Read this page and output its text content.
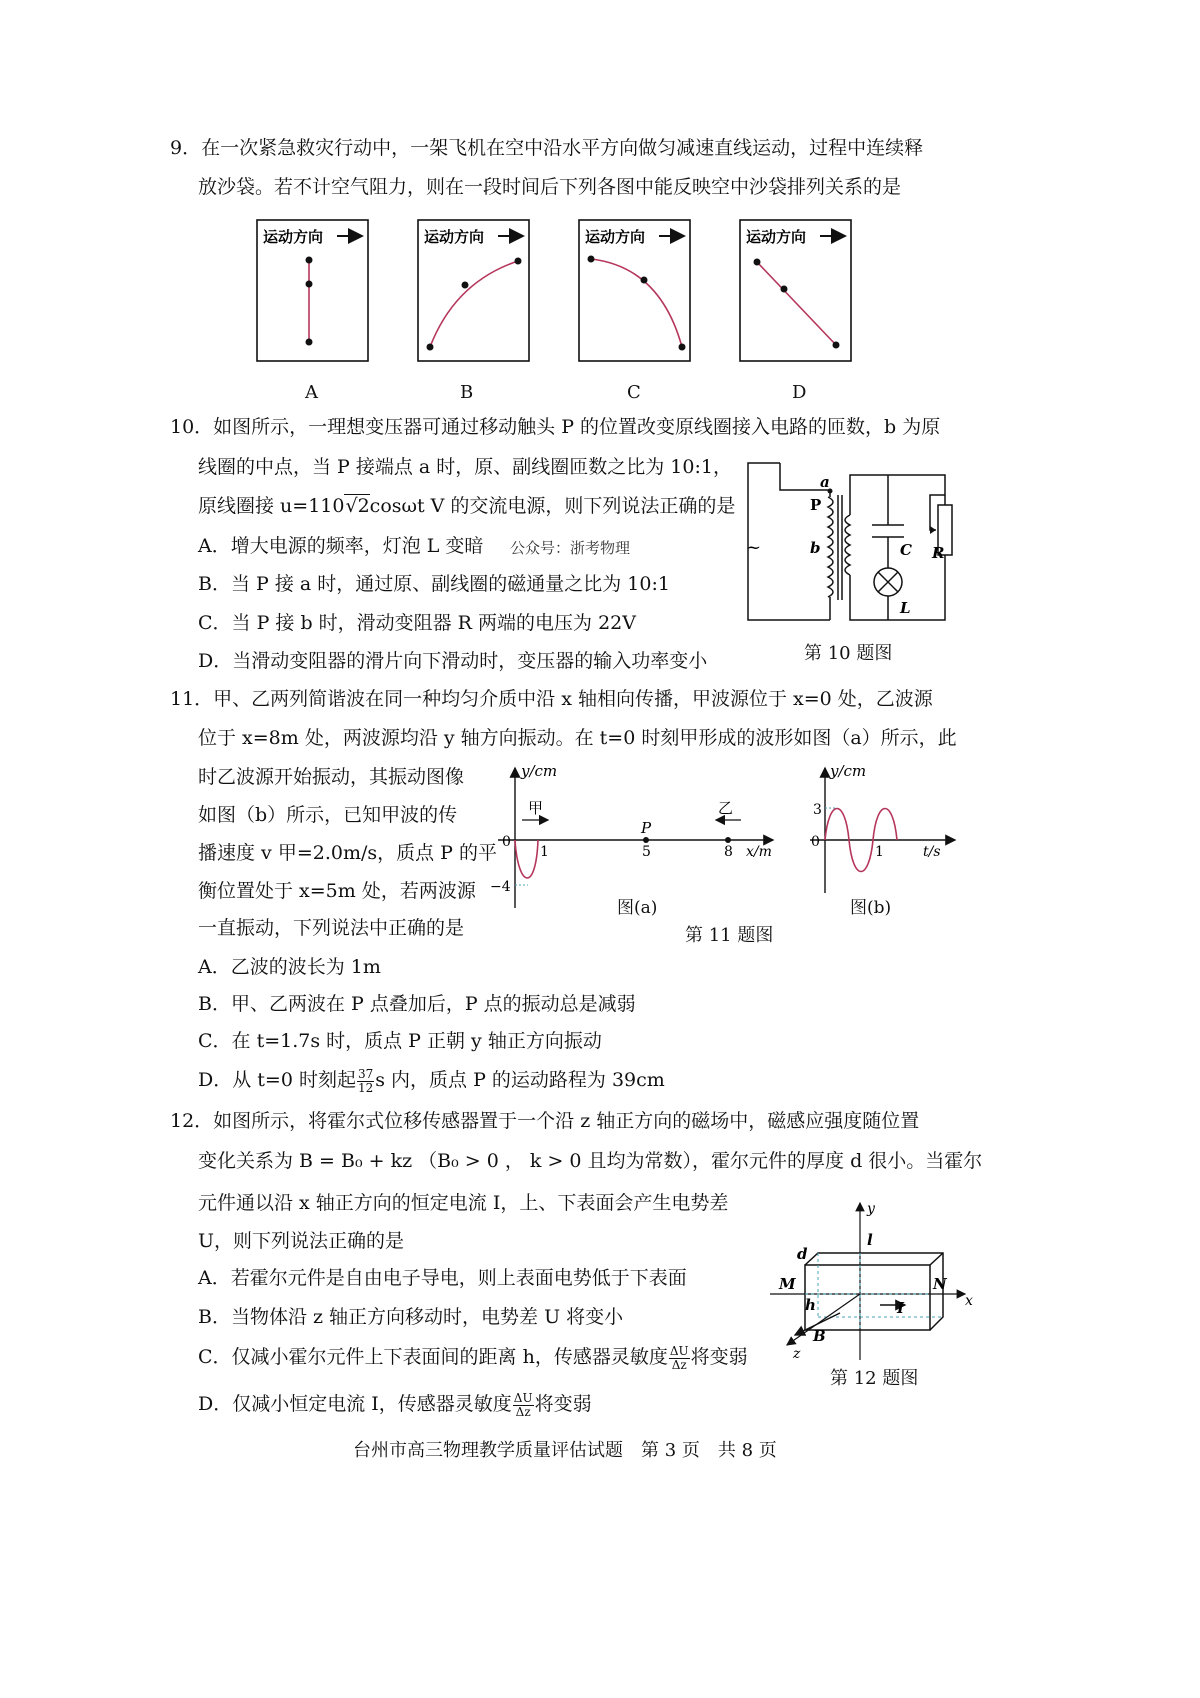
9．在一次紧急救灾行动中，一架飞机在空中沿水平方向做匀减速直线运动，过程中连续释
放沙袋。若不计空气阻力，则在一段时间后下列各图中能反映空中沙袋排列关系的是
运动方向	运动方向	运动方向	运动方向
A	B	C	D
10．如图所示，一理想变压器可通过移动触头 P 的位置改变原线圈接入电路的匝数，b 为原
线圈的中点，当 P 接端点 a 时，原、副线圈匝数之比为 10:1，
原线圈接 u=110√2cosωt V 的交流电源，则下列说法正确的是
A．增大电源的频率，灯泡 L 变暗 公众号：浙考物理
B．当 P 接 a 时，通过原、副线圈的磁通量之比为 10:1
C．当 P 接 b 时，滑动变阻器 R 两端的电压为 22V
D．当滑动变阻器的滑片向下滑动时，变压器的输入功率变小
~
a
P
b	C
L
R
第 10 题图
11．甲、乙两列简谐波在同一种均匀介质中沿 x 轴相向传播，甲波源位于 x=0 处，乙波源
位于 x=8m 处，两波源均沿 y 轴方向振动。在 t=0 时刻甲形成的波形如图（a）所示，此
时乙波源开始振动，其振动图像
如图（b）所示，已知甲波的传
播速度 v 甲=2.0m/s，质点 P 的平
衡位置处于 x=5m 处，若两波源
一直振动，下列说法中正确的是
A．乙波的波长为 1m
B．甲、乙两波在 P 点叠加后，P 点的振动总是减弱
C．在 t=1.7s 时，质点 P 正朝 y 轴正方向振动
D．从 t=0 时刻起 $\frac{37}{12}$ s 内，质点 P 的运动路程为 39cm
y/cm
甲	乙
P
0
1	5	8 x/m
−4
图(a)
y/cm
3
0
1	t/s
图(b)
第 11 题图
12．如图所示，将霍尔式位移传感器置于一个沿 z 轴正方向的磁场中，磁感应强度随位置
变化关系为 B = B₀ + kz （B₀ > 0 ， k > 0 且均为常数），霍尔元件的厚度 d 很小。当霍尔
元件通以沿 x 轴正方向的恒定电流 I，上、下表面会产生电势差
U，则下列说法正确的是
A．若霍尔元件是自由电子导电，则上表面电势低于下表面
B．当物体沿 z 轴正方向移动时，电势差 U 将变小
C．仅减小霍尔元件上下表面间的距离 h，传感器灵敏度 $\frac{\Delta U}{\Delta z}$ 将变弱
D．仅减小恒定电流 I，传感器灵敏度 $\frac{\Delta U}{\Delta z}$ 将变弱
y
l
d
M	N
h	I	x
B
z
第 12 题图
台州市高三物理教学质量评估试题　第 3 页　共 8 页
